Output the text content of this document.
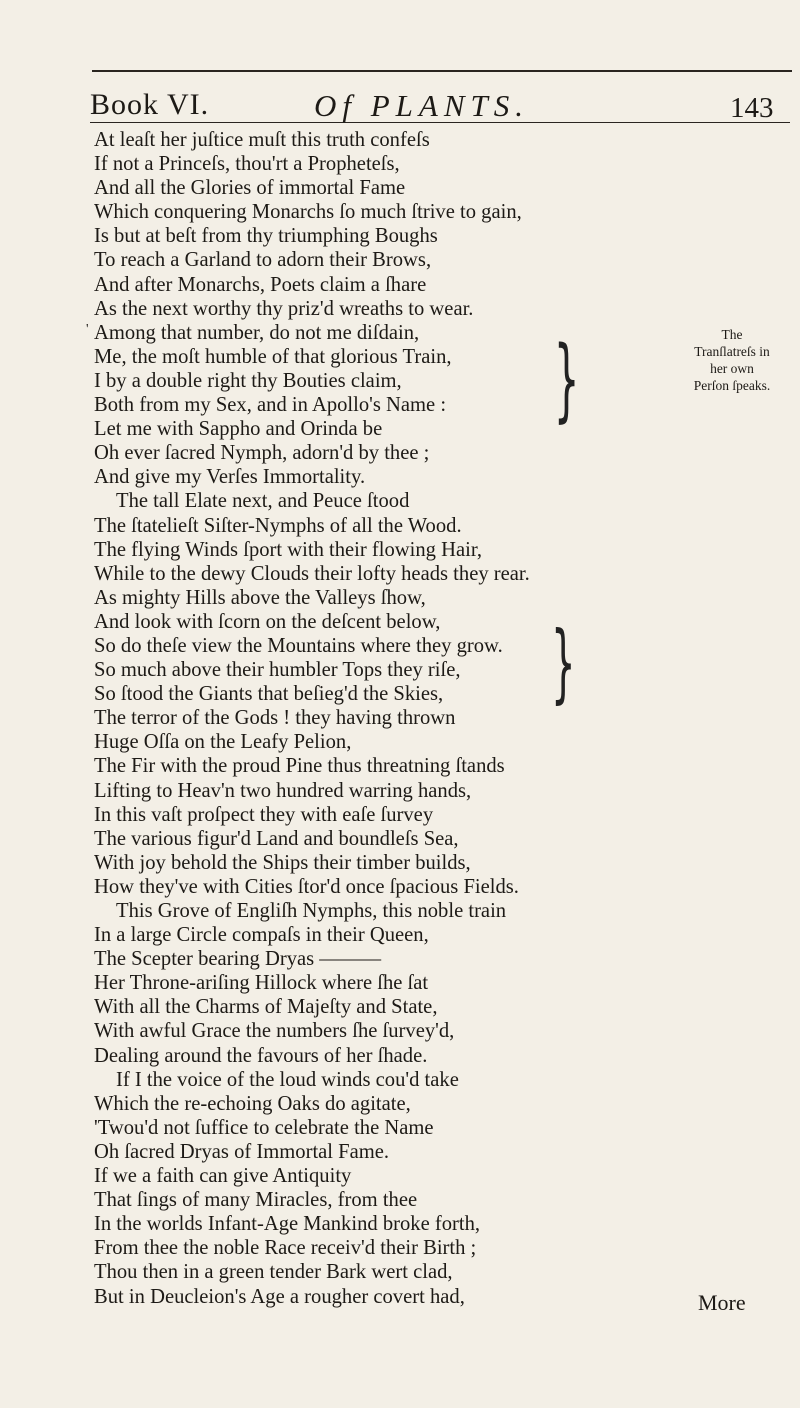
Book VI.	Of PLANTS.	143
'
At leaſt her juſtice muſt this truth confeſs
If not a Princeſs, thou'rt a Propheteſs,
And all the Glories of immortal Fame
Which conquering Monarchs ſo much ſtrive to gain,
Is but at beſt from thy triumphing Boughs
To reach a Garland to adorn their Brows,
And after Monarchs, Poets claim a ſhare
As the next worthy thy priz'd wreaths to wear.
Among that number, do not me diſdain,
Me, the moſt humble of that glorious Train,
I by a double right thy Bouties claim,
Both from my Sex, and in Apollo's Name :
Let me with Sappho and Orinda be
Oh ever ſacred Nymph, adorn'd by thee ;
And give my Verſes Immortality.
The tall Elate next, and Peuce ſtood
The ſtatelieſt Siſter-Nymphs of all the Wood.
The flying Winds ſport with their flowing Hair,
While to the dewy Clouds their lofty heads they rear.
As mighty Hills above the Valleys ſhow,
And look with ſcorn on the deſcent below,
So do theſe view the Mountains where they grow.
So much above their humbler Tops they riſe,
So ſtood the Giants that beſieg'd the Skies,
The terror of the Gods ! they having thrown
Huge Oſſa on the Leafy Pelion,
The Fir with the proud Pine thus threatning ſtands
Lifting to Heav'n two hundred warring hands,
In this vaſt proſpect they with eaſe ſurvey
The various figur'd Land and boundleſs Sea,
With joy behold the Ships their timber builds,
How they've with Cities ſtor'd once ſpacious Fields.
This Grove of Engliſh Nymphs, this noble train
In a large Circle compaſs in their Queen,
The Scepter bearing Dryas ———
Her Throne-ariſing Hillock where ſhe ſat
With all the Charms of Majeſty and State,
With awful Grace the numbers ſhe ſurvey'd,
Dealing around the favours of her ſhade.
If I the voice of the loud winds cou'd take
Which the re-echoing Oaks do agitate,
'Twou'd not ſuffice to celebrate the Name
Oh ſacred Dryas of Immortal Fame.
If we a faith can give Antiquity
That ſings of many Miracles, from thee
In the worlds Infant-Age Mankind broke forth,
From thee the noble Race receiv'd their Birth ;
Thou then in a green tender Bark wert clad,
But in Deucleion's Age a rougher covert had,
}
}
The Tranſlatreſs in her own Perſon ſpeaks.
More
